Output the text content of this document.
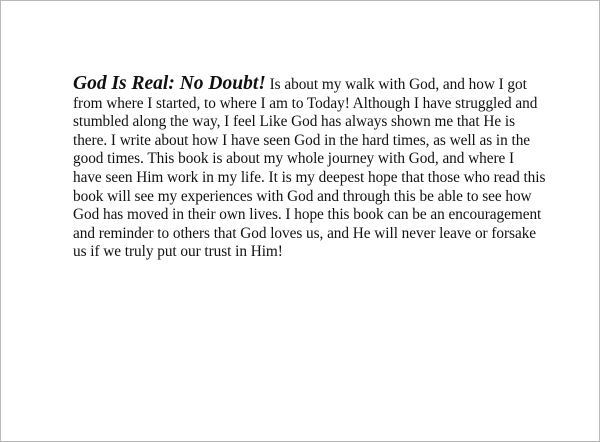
God Is Real: No Doubt! Is about my walk with God, and how I got
from where I started, to where I am to Today! Although I have struggled and
stumbled along the way, I feel Like God has always shown me that He is
there. I write about how I have seen God in the hard times, as well as in the
good times. This book is about my whole journey with God, and where I
have seen Him work in my life. It is my deepest hope that those who read this
book will see my experiences with God and through this be able to see how
God has moved in their own lives. I hope this book can be an encouragement
and reminder to others that God loves us, and He will never leave or forsake
us if we truly put our trust in Him!
